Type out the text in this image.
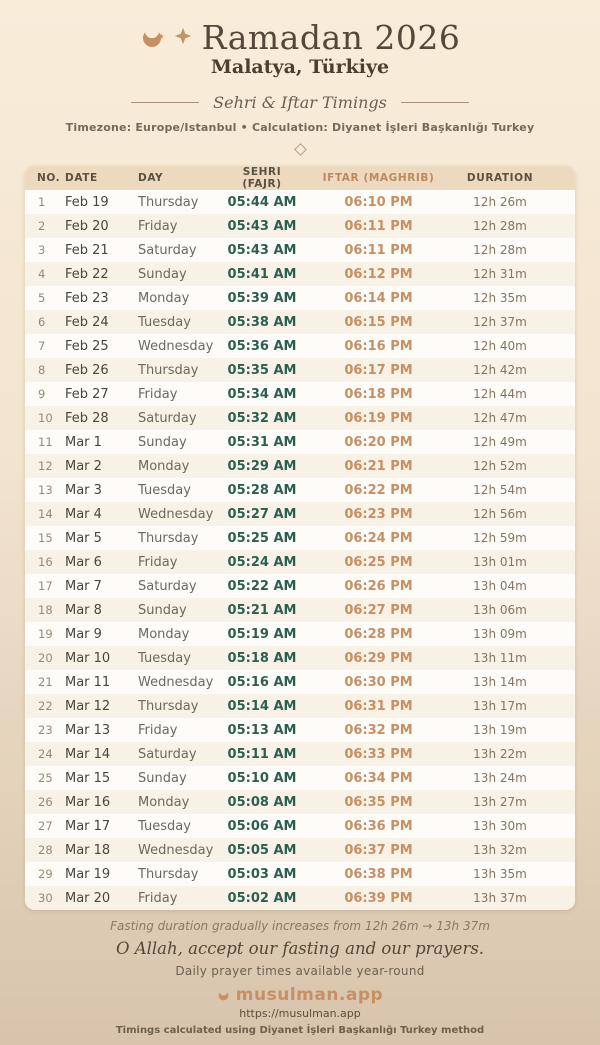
★ Ramadan 2026
Malatya, Türkiye
Sehri & Iftar Timings
Timezone: Europe/Istanbul • Calculation: Diyanet İşleri Başkanlığı Turkey
NO. DATE	DAY	SEHRI (FAJR)	IFTAR (MAGHRIB)	DURATION
1	Feb 19	Thursday	05:44 AM	06:10 PM	12h 26m
2	Feb 20	Friday	05:43 AM	06:11 PM	12h 28m
3	Feb 21	Saturday	05:43 AM	06:11 PM	12h 28m
4	Feb 22	Sunday	05:41 AM	06:12 PM	12h 31m
5	Feb 23	Monday	05:39 AM	06:14 PM	12h 35m
6	Feb 24	Tuesday	05:38 AM	06:15 PM	12h 37m
7	Feb 25	Wednesday	05:36 AM	06:16 PM	12h 40m
8	Feb 26	Thursday	05:35 AM	06:17 PM	12h 42m
9	Feb 27	Friday	05:34 AM	06:18 PM	12h 44m
10 Feb 28	Saturday	05:32 AM	06:19 PM	12h 47m
11 Mar 1	Sunday	05:31 AM	06:20 PM	12h 49m
12 Mar 2	Monday	05:29 AM	06:21 PM	12h 52m
13 Mar 3	Tuesday	05:28 AM	06:22 PM	12h 54m
14 Mar 4	Wednesday	05:27 AM	06:23 PM	12h 56m
15 Mar 5	Thursday	05:25 AM	06:24 PM	12h 59m
16 Mar 6	Friday	05:24 AM	06:25 PM	13h 01m
17 Mar 7	Saturday	05:22 AM	06:26 PM	13h 04m
18 Mar 8	Sunday	05:21 AM	06:27 PM	13h 06m
19 Mar 9	Monday	05:19 AM	06:28 PM	13h 09m
20 Mar 10	Tuesday	05:18 AM	06:29 PM	13h 11m
21 Mar 11	Wednesday	05:16 AM	06:30 PM	13h 14m
22 Mar 12	Thursday	05:14 AM	06:31 PM	13h 17m
23 Mar 13	Friday	05:13 AM	06:32 PM	13h 19m
24 Mar 14	Saturday	05:11 AM	06:33 PM	13h 22m
25 Mar 15	Sunday	05:10 AM	06:34 PM	13h 24m
26 Mar 16	Monday	05:08 AM	06:35 PM	13h 27m
27 Mar 17	Tuesday	05:06 AM	06:36 PM	13h 30m
28 Mar 18	Wednesday	05:05 AM	06:37 PM	13h 32m
29 Mar 19	Thursday	05:03 AM	06:38 PM	13h 35m
30 Mar 20	Friday	05:02 AM	06:39 PM	13h 37m
Fasting duration gradually increases from 12h 26m → 13h 37m
O Allah, accept our fasting and our prayers.
Daily prayer times available year-round
musulman.app
https://musulman.app
Timings calculated using Diyanet İşleri Başkanlığı Turkey method
